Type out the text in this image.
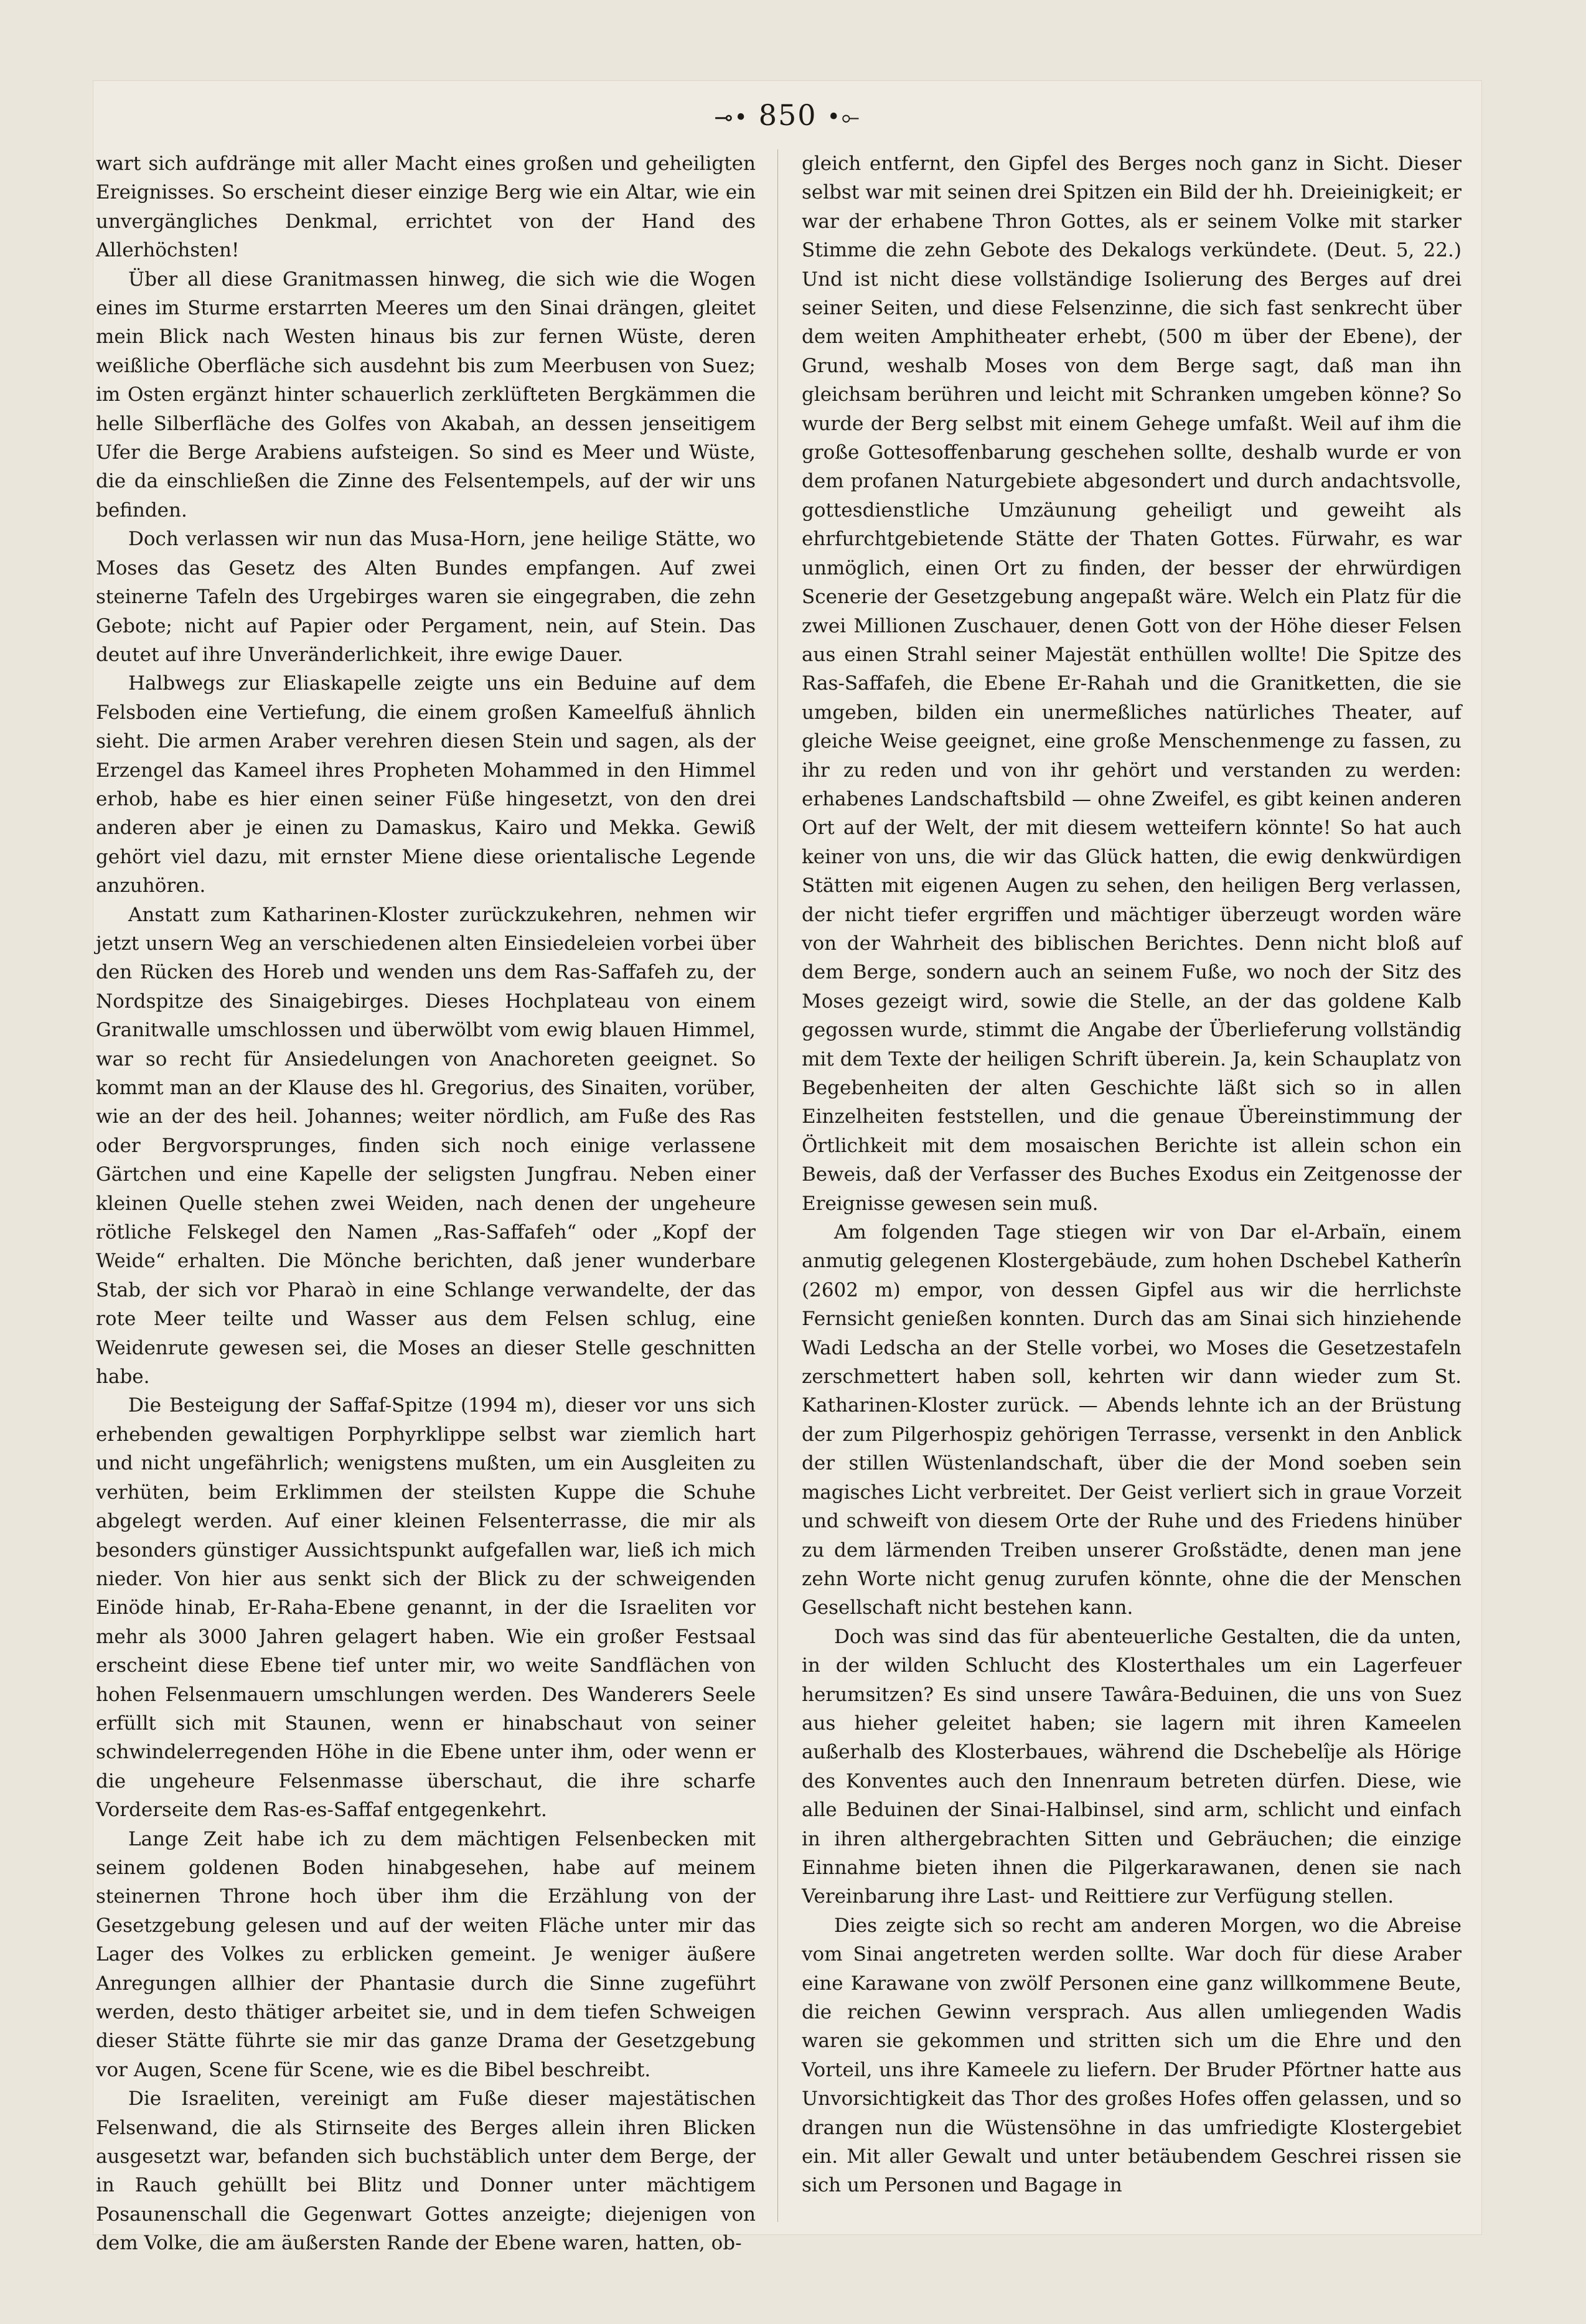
⊸• 850 •⟜

wart sich aufdränge mit aller Macht eines großen und geheiligten Ereignisses. So erscheint dieser einzige Berg wie ein Altar, wie ein unvergängliches Denkmal, errichtet von der Hand des Allerhöchsten!

Über all diese Granitmassen hinweg, die sich wie die Wogen eines im Sturme erstarrten Meeres um den Sinai drängen, gleitet mein Blick nach Westen hinaus bis zur fernen Wüste, deren weißliche Oberfläche sich ausdehnt bis zum Meerbusen von Suez; im Osten ergänzt hinter schauerlich zerklüfteten Bergkämmen die helle Silberfläche des Golfes von Akabah, an dessen jenseitigem Ufer die Berge Arabiens aufsteigen. So sind es Meer und Wüste, die da einschließen die Zinne des Felsentempels, auf der wir uns befinden.

Doch verlassen wir nun das Musa-Horn, jene heilige Stätte, wo Moses das Gesetz des Alten Bundes empfangen. Auf zwei steinerne Tafeln des Urgebirges waren sie eingegraben, die zehn Gebote; nicht auf Papier oder Pergament, nein, auf Stein. Das deutet auf ihre Unveränderlichkeit, ihre ewige Dauer.

Halbwegs zur Eliaskapelle zeigte uns ein Beduine auf dem Felsboden eine Vertiefung, die einem großen Kameelfuß ähnlich sieht. Die armen Araber verehren diesen Stein und sagen, als der Erzengel das Kameel ihres Propheten Mohammed in den Himmel erhob, habe es hier einen seiner Füße hingesetzt, von den drei anderen aber je einen zu Damaskus, Kairo und Mekka. Gewiß gehört viel dazu, mit ernster Miene diese orientalische Legende anzuhören.

Anstatt zum Katharinen-Kloster zurückzukehren, nehmen wir jetzt unsern Weg an verschiedenen alten Einsiedeleien vorbei über den Rücken des Horeb und wenden uns dem Ras-Saffafeh zu, der Nordspitze des Sinaigebirges. Dieses Hochplateau von einem Granitwalle umschlossen und überwölbt vom ewig blauen Himmel, war so recht für Ansiedelungen von Anachoreten geeignet. So kommt man an der Klause des hl. Gregorius, des Sinaiten, vorüber, wie an der des heil. Johannes; weiter nördlich, am Fuße des Ras oder Bergvorsprunges, finden sich noch einige verlassene Gärtchen und eine Kapelle der seligsten Jungfrau. Neben einer kleinen Quelle stehen zwei Weiden, nach denen der ungeheure rötliche Felskegel den Namen „Ras-Saffafeh“ oder „Kopf der Weide“ erhalten. Die Mönche berichten, daß jener wunderbare Stab, der sich vor Pharaò in eine Schlange verwandelte, der das rote Meer teilte und Wasser aus dem Felsen schlug, eine Weidenrute gewesen sei, die Moses an dieser Stelle geschnitten habe.

Die Besteigung der Saffaf-Spitze (1994 m), dieser vor uns sich erhebenden gewaltigen Porphyrklippe selbst war ziemlich hart und nicht ungefährlich; wenigstens mußten, um ein Ausgleiten zu verhüten, beim Erklimmen der steilsten Kuppe die Schuhe abgelegt werden. Auf einer kleinen Felsenterrasse, die mir als besonders günstiger Aussichtspunkt aufgefallen war, ließ ich mich nieder. Von hier aus senkt sich der Blick zu der schweigenden Einöde hinab, Er-Raha-Ebene genannt, in der die Israeliten vor mehr als 3000 Jahren gelagert haben. Wie ein großer Festsaal erscheint diese Ebene tief unter mir, wo weite Sandflächen von hohen Felsenmauern umschlungen werden. Des Wanderers Seele erfüllt sich mit Staunen, wenn er hinabschaut von seiner schwindelerregenden Höhe in die Ebene unter ihm, oder wenn er die ungeheure Felsenmasse überschaut, die ihre scharfe Vorderseite dem Ras-es-Saffaf entgegenkehrt.

Lange Zeit habe ich zu dem mächtigen Felsenbecken mit seinem goldenen Boden hinabgesehen, habe auf meinem steinernen Throne hoch über ihm die Erzählung von der Gesetzgebung gelesen und auf der weiten Fläche unter mir das Lager des Volkes zu erblicken gemeint. Je weniger äußere Anregungen allhier der Phantasie durch die Sinne zugeführt werden, desto thätiger arbeitet sie, und in dem tiefen Schweigen dieser Stätte führte sie mir das ganze Drama der Gesetzgebung vor Augen, Scene für Scene, wie es die Bibel beschreibt.

Die Israeliten, vereinigt am Fuße dieser majestätischen Felsenwand, die als Stirnseite des Berges allein ihren Blicken ausgesetzt war, befanden sich buchstäblich unter dem Berge, der in Rauch gehüllt bei Blitz und Donner unter mächtigem Posaunenschall die Gegenwart Gottes anzeigte; diejenigen von dem Volke, die am äußersten Rande der Ebene waren, hatten, ob-

gleich entfernt, den Gipfel des Berges noch ganz in Sicht. Dieser selbst war mit seinen drei Spitzen ein Bild der hh. Dreieinigkeit; er war der erhabene Thron Gottes, als er seinem Volke mit starker Stimme die zehn Gebote des Dekalogs verkündete. (Deut. 5, 22.) Und ist nicht diese vollständige Isolierung des Berges auf drei seiner Seiten, und diese Felsenzinne, die sich fast senkrecht über dem weiten Amphitheater erhebt, (500 m über der Ebene), der Grund, weshalb Moses von dem Berge sagt, daß man ihn gleichsam berühren und leicht mit Schranken umgeben könne? So wurde der Berg selbst mit einem Gehege umfaßt. Weil auf ihm die große Gottesoffenbarung geschehen sollte, deshalb wurde er von dem profanen Naturgebiete abgesondert und durch andachtsvolle, gottesdienstliche Umzäunung geheiligt und geweiht als ehrfurchtgebietende Stätte der Thaten Gottes. Fürwahr, es war unmöglich, einen Ort zu finden, der besser der ehrwürdigen Scenerie der Gesetzgebung angepaßt wäre. Welch ein Platz für die zwei Millionen Zuschauer, denen Gott von der Höhe dieser Felsen aus einen Strahl seiner Majestät enthüllen wollte! Die Spitze des Ras-Saffafeh, die Ebene Er-Rahah und die Granitketten, die sie umgeben, bilden ein unermeßliches natürliches Theater, auf gleiche Weise geeignet, eine große Menschenmenge zu fassen, zu ihr zu reden und von ihr gehört und verstanden zu werden: erhabenes Landschaftsbild — ohne Zweifel, es gibt keinen anderen Ort auf der Welt, der mit diesem wetteifern könnte! So hat auch keiner von uns, die wir das Glück hatten, die ewig denkwürdigen Stätten mit eigenen Augen zu sehen, den heiligen Berg verlassen, der nicht tiefer ergriffen und mächtiger überzeugt worden wäre von der Wahrheit des biblischen Berichtes. Denn nicht bloß auf dem Berge, sondern auch an seinem Fuße, wo noch der Sitz des Moses gezeigt wird, sowie die Stelle, an der das goldene Kalb gegossen wurde, stimmt die Angabe der Überlieferung vollständig mit dem Texte der heiligen Schrift überein. Ja, kein Schauplatz von Begebenheiten der alten Geschichte läßt sich so in allen Einzelheiten feststellen, und die genaue Übereinstimmung der Örtlichkeit mit dem mosaischen Berichte ist allein schon ein Beweis, daß der Verfasser des Buches Exodus ein Zeitgenosse der Ereignisse gewesen sein muß.

Am folgenden Tage stiegen wir von Dar el-Arbaïn, einem anmutig gelegenen Klostergebäude, zum hohen Dschebel Katherîn (2602 m) empor, von dessen Gipfel aus wir die herrlichste Fernsicht genießen konnten. Durch das am Sinai sich hinziehende Wadi Ledscha an der Stelle vorbei, wo Moses die Gesetzestafeln zerschmettert haben soll, kehrten wir dann wieder zum St. Katharinen-Kloster zurück. — Abends lehnte ich an der Brüstung der zum Pilgerhospiz gehörigen Terrasse, versenkt in den Anblick der stillen Wüstenlandschaft, über die der Mond soeben sein magisches Licht verbreitet. Der Geist verliert sich in graue Vorzeit und schweift von diesem Orte der Ruhe und des Friedens hinüber zu dem lärmenden Treiben unserer Großstädte, denen man jene zehn Worte nicht genug zurufen könnte, ohne die der Menschen Gesellschaft nicht bestehen kann.

Doch was sind das für abenteuerliche Gestalten, die da unten, in der wilden Schlucht des Klosterthales um ein Lagerfeuer herumsitzen? Es sind unsere Tawâra-Beduinen, die uns von Suez aus hieher geleitet haben; sie lagern mit ihren Kameelen außerhalb des Klosterbaues, während die Dschebelîje als Hörige des Konventes auch den Innenraum betreten dürfen. Diese, wie alle Beduinen der Sinai-Halbinsel, sind arm, schlicht und einfach in ihren althergebrachten Sitten und Gebräuchen; die einzige Einnahme bieten ihnen die Pilgerkarawanen, denen sie nach Vereinbarung ihre Last- und Reittiere zur Verfügung stellen.

Dies zeigte sich so recht am anderen Morgen, wo die Abreise vom Sinai angetreten werden sollte. War doch für diese Araber eine Karawane von zwölf Personen eine ganz willkommene Beute, die reichen Gewinn versprach. Aus allen umliegenden Wadis waren sie gekommen und stritten sich um die Ehre und den Vorteil, uns ihre Kameele zu liefern. Der Bruder Pförtner hatte aus Unvorsichtigkeit das Thor des großes Hofes offen gelassen, und so drangen nun die Wüstensöhne in das umfriedigte Klostergebiet ein. Mit aller Gewalt und unter betäubendem Geschrei rissen sie sich um Personen und Bagage in
